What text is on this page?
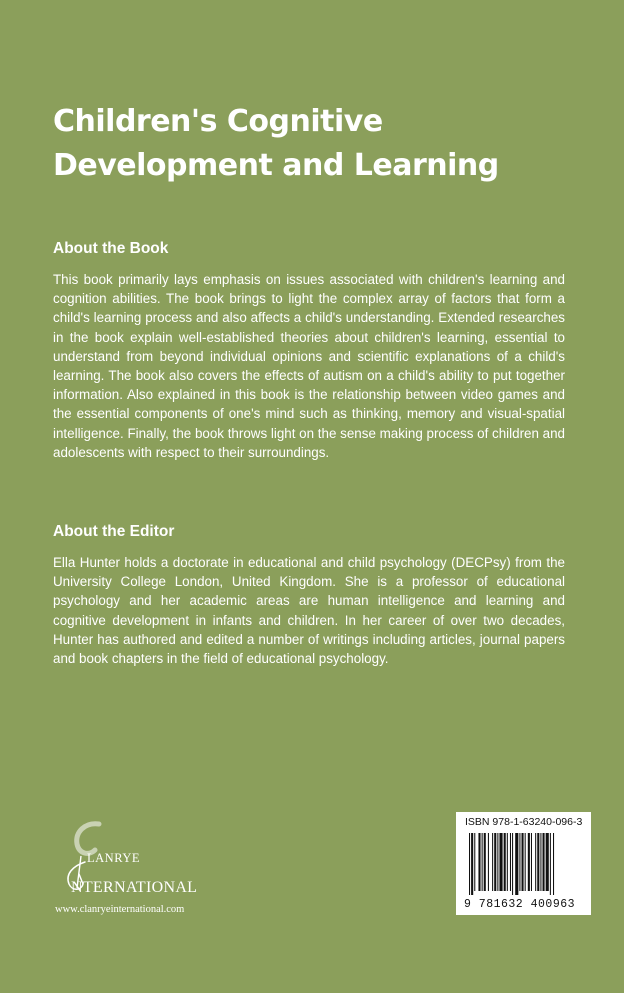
Children's Cognitive
Development and Learning
About the Book

This book primarily lays emphasis on issues associated with children's learning and cognition abilities. The book brings to light the complex array of factors that form a child's learning process and also affects a child's understanding. Extended researches in the book explain well-established theories about children's learning, essential to understand from beyond individual opinions and scientific explanations of a child's learning. The book also covers the effects of autism on a child's ability to put together information. Also explained in this book is the relationship between video games and the essential components of one's mind such as thinking, memory and visual-spatial intelligence. Finally, the book throws light on the sense making process of children and adolescents with respect to their surroundings.

About the Editor

Ella Hunter holds a doctorate in educational and child psychology (DECPsy) from the University College London, United Kingdom. She is a professor of educational psychology and her academic areas are human intelligence and learning and cognitive development in infants and children. In her career of over two decades, Hunter has authored and edited a number of writings including articles, journal papers and book chapters in the field of educational psychology.

LANRYE
NTERNATIONAL
www.clanryeinternational.com
ISBN 978-1-63240-096-3
9 781632 400963
